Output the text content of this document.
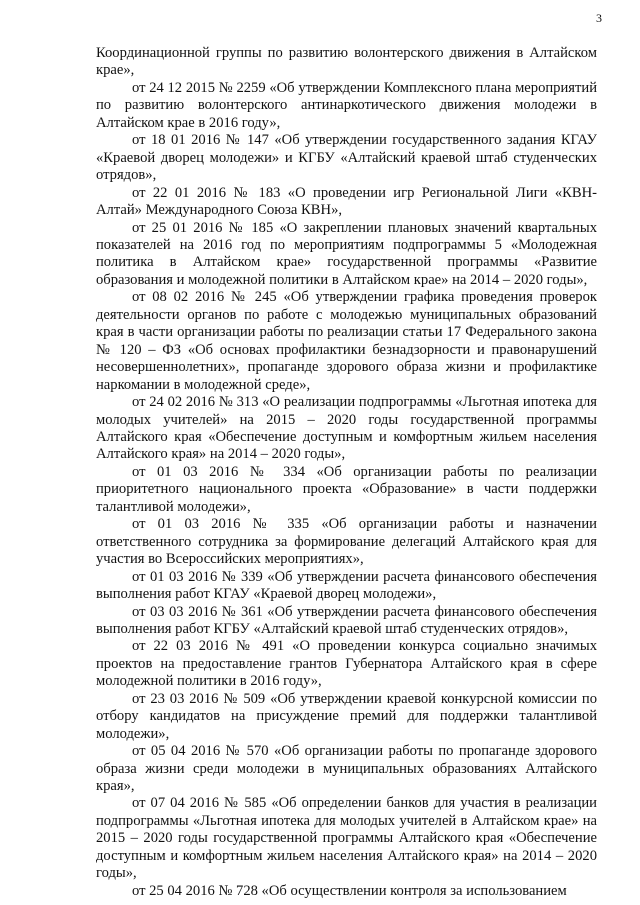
3

Координационной группы по развитию волонтерского движения в Алтайском крае»,

от 24 12 2015 № 2259 «Об утверждении Комплексного плана мероприятий по развитию волонтерского антинаркотического движения молодежи в Алтайском крае в 2016 году»,

от 18 01 2016 № 147 «Об утверждении государственного задания КГАУ «Краевой дворец молодежи» и КГБУ «Алтайский краевой штаб студенческих отрядов»,

от 22 01 2016 № 183 «О проведении игр Региональной Лиги «КВН-Алтай» Международного Союза КВН»,

от 25 01 2016 № 185 «О закреплении плановых значений квартальных показателей на 2016 год по мероприятиям подпрограммы 5 «Молодежная политика в Алтайском крае» государственной программы «Развитие образования и молодежной политики в Алтайском крае» на 2014 – 2020 годы»,

от 08 02 2016 № 245 «Об утверждении графика проведения проверок деятельности органов по работе с молодежью муниципальных образований края в части организации работы по реализации статьи 17 Федерального закона № 120 – ФЗ «Об основах профилактики безнадзорности и правонарушений несовершеннолетних», пропаганде здорового образа жизни и профилактике наркомании в молодежной среде»,

от 24 02 2016 № 313 «О реализации подпрограммы «Льготная ипотека для молодых учителей» на 2015 – 2020 годы государственной программы Алтайского края «Обеспечение доступным и комфортным жильем населения Алтайского края» на 2014 – 2020 годы»,

от 01 03 2016 № 334 «Об организации работы по реализации приоритетного национального проекта «Образование» в части поддержки талантливой молодежи»,

от 01 03 2016 № 335 «Об организации работы и назначении ответственного сотрудника за формирование делегаций Алтайского края для участия во Всероссийских мероприятиях»,

от 01 03 2016 № 339 «Об утверждении расчета финансового обеспечения выполнения работ КГАУ «Краевой дворец молодежи»,

от 03 03 2016 № 361 «Об утверждении расчета финансового обеспечения выполнения работ КГБУ «Алтайский краевой штаб студенческих отрядов»,

от 22 03 2016 № 491 «О проведении конкурса социально значимых проектов на предоставление грантов Губернатора Алтайского края в сфере молодежной политики в 2016 году»,

от 23 03 2016 № 509 «Об утверждении краевой конкурсной комиссии по отбору кандидатов на присуждение премий для поддержки талантливой молодежи»,

от 05 04 2016 № 570 «Об организации работы по пропаганде здорового образа жизни среди молодежи в муниципальных образованиях Алтайского края»,

от 07 04 2016 № 585 «Об определении банков для участия в реализации подпрограммы «Льготная ипотека для молодых учителей в Алтайском крае» на 2015 – 2020 годы государственной программы Алтайского края «Обеспечение доступным и комфортным жильем населения Алтайского края» на 2014 – 2020 годы»,

от 25 04 2016 № 728 «Об осуществлении контроля за использованием
